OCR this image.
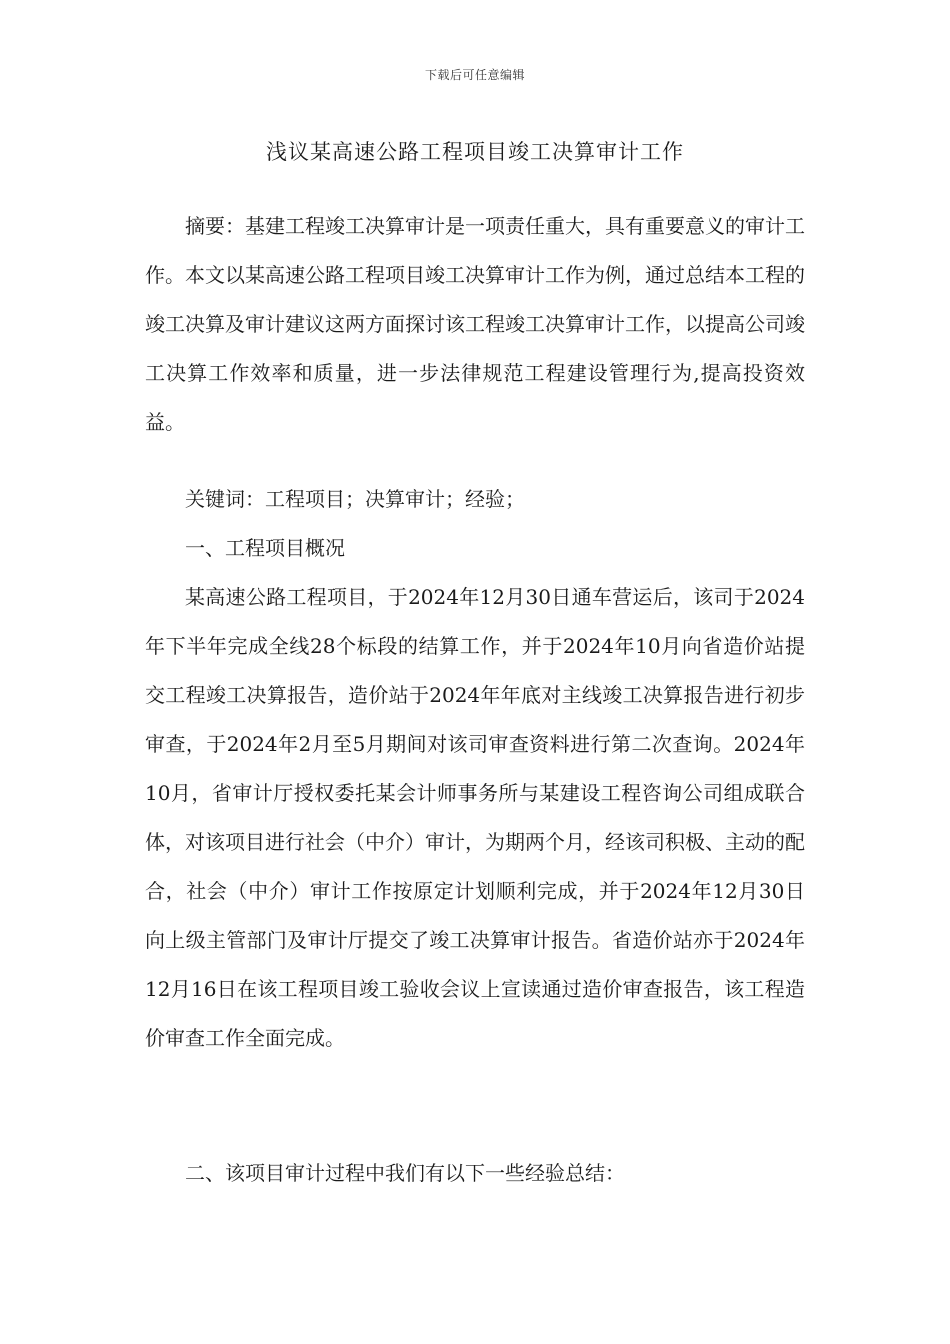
下载后可任意编辑
浅议某高速公路工程项目竣工决算审计工作

摘要：基建工程竣工决算审计是一项责任重大，具有重要意义的审计工作。本文以某高速公路工程项目竣工决算审计工作为例，通过总结本工程的竣工决算及审计建议这两方面探讨该工程竣工决算审计工作，以提高公司竣工决算工作效率和质量，进一步法律规范工程建设管理行为,提高投资效益。

关键词：工程项目；决算审计；经验；

一、工程项目概况

某高速公路工程项目，于2024年12月30日通车营运后，该司于2024年下半年完成全线28个标段的结算工作，并于2024年10月向省造价站提交工程竣工决算报告，造价站于2024年年底对主线竣工决算报告进行初步审查，于2024年2月至5月期间对该司审查资料进行第二次查询。2024年10月，省审计厅授权委托某会计师事务所与某建设工程咨询公司组成联合体，对该项目进行社会（中介）审计，为期两个月，经该司积极、主动的配合，社会（中介）审计工作按原定计划顺利完成，并于2024年12月30日向上级主管部门及审计厅提交了竣工决算审计报告。省造价站亦于2024年12月16日在该工程项目竣工验收会议上宣读通过造价审查报告，该工程造价审查工作全面完成。

二、该项目审计过程中我们有以下一些经验总结：
